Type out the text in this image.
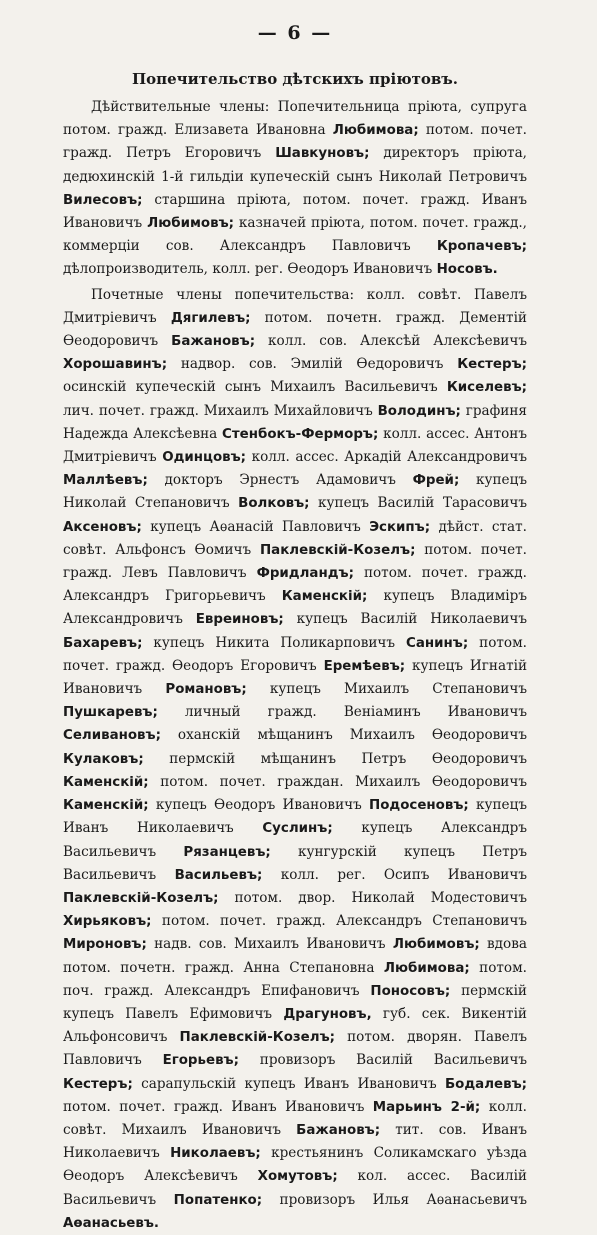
— 6 —
Попечительство дѣтскихъ пріютовъ.

Дѣйствительные члены: Попечительница пріюта, супруга потом. гражд. Елизавета Ивановна Любимова; потом. почет. гражд. Петръ Егоровичъ Шавкуновъ; директоръ пріюта, дедюхинскій 1-й гильдіи купеческій сынъ Николай Петровичъ Вилесовъ; старшина пріюта, потом. почет. гражд. Иванъ Ивановичъ Любимовъ; казначей пріюта, потом. почет. гражд., коммерціи сов. Александръ Павловичъ Кропачевъ; дѣлопроизводитель, колл. рег. Ѳеодоръ Ивановичъ Носовъ.

Почетные члены попечительства: колл. совѣт. Павелъ Дмитріевичъ Дягилевъ; потом. почетн. гражд. Дементій Ѳеодоровичъ Бажановъ; колл. сов. Алексѣй Алексѣевичъ Хорошавинъ; надвор. сов. Эмилій Ѳедоровичъ Кестеръ; осинскій купеческій сынъ Михаилъ Васильевичъ Киселевъ; лич. почет. гражд. Михаилъ Михайловичъ Володинъ; графиня Надежда Алексѣевна Стенбокъ-Ферморъ; колл. ассес. Антонъ Дмитріевичъ Одинцовъ; колл. ассес. Аркадій Александровичъ Маллѣевъ; докторъ Эрнестъ Адамовичъ Фрей; купецъ Николай Степановичъ Волковъ; купецъ Василій Тарасовичъ Аксеновъ; купецъ Аѳанасій Павловичъ Эскипъ; дѣйст. стат. совѣт. Альфонсъ Ѳомичъ Паклевскій-Козелъ; потом. почет. гражд. Левъ Павловичъ Фридландъ; потом. почет. гражд. Александръ Григорьевичъ Каменскій; купецъ Владиміръ Александровичъ Евреиновъ; купецъ Василій Николаевичъ Бахаревъ; купецъ Никита Поликарповичъ Санинъ; потом. почет. гражд. Ѳеодоръ Егоровичъ Еремѣевъ; купецъ Игнатій Ивановичъ Романовъ; купецъ Михаилъ Степановичъ Пушкаревъ; личный гражд. Веніаминъ Ивановичъ Селивановъ; оханскій мѣщанинъ Михаилъ Ѳеодоровичъ Кулаковъ; пермскій мѣщанинъ Петръ Ѳеодоровичъ Каменскій; потом. почет. граждан. Михаилъ Ѳеодоровичъ Каменскій; купецъ Ѳеодоръ Ивановичъ Подосеновъ; купецъ Иванъ Николаевичъ Суслинъ; купецъ Александръ Васильевичъ Рязанцевъ; кунгурскій купецъ Петръ Васильевичъ Васильевъ; колл. рег. Осипъ Ивановичъ Паклевскій-Козелъ; потом. двор. Николай Модестовичъ Хирьяковъ; потом. почет. гражд. Александръ Степановичъ Мироновъ; надв. сов. Михаилъ Ивановичъ Любимовъ; вдова потом. почетн. гражд. Анна Степановна Любимова; потом. поч. гражд. Александръ Епифановичъ Поносовъ; пермскій купецъ Павелъ Ефимовичъ Драгуновъ, губ. сек. Викентій Альфонсовичъ Паклевскій-Козелъ; потом. дворян. Павелъ Павловичъ Егорьевъ; провизоръ Василій Васильевичъ Кестеръ; сарапульскій купецъ Иванъ Ивановичъ Бодалевъ; потом. почет. гражд. Иванъ Ивановичъ Марьинъ 2-й; колл. совѣт. Михаилъ Ивановичъ Бажановъ; тит. сов. Иванъ Николаевичъ Николаевъ; крестьянинъ Соликамскаго уѣзда Ѳеодоръ Алексѣевичъ Хомутовъ; кол. ассес. Василій Васильевичъ Попатенко; провизоръ Илья Аѳанасьевичъ Аѳанасьевъ.
